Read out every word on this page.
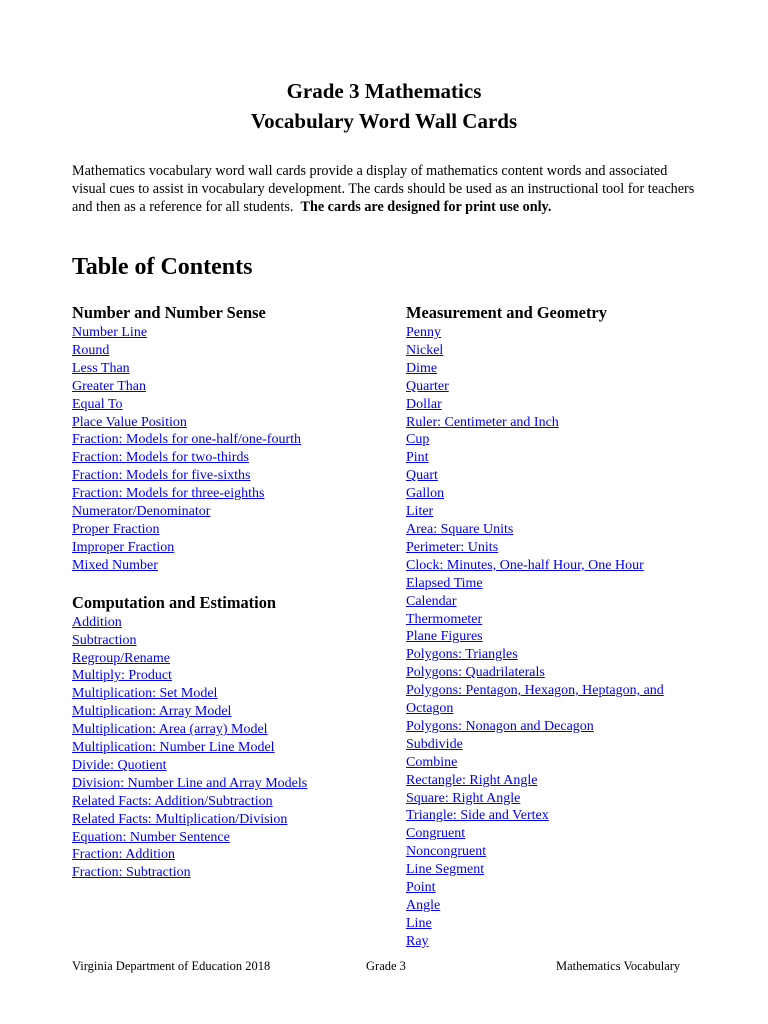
Grade 3 Mathematics
Vocabulary Word Wall Cards
Mathematics vocabulary word wall cards provide a display of mathematics content words and associated visual cues to assist in vocabulary development. The cards should be used as an instructional tool for teachers and then as a reference for all students. The cards are designed for print use only.
Table of Contents
Number and Number Sense
Number Line
Round
Less Than
Greater Than
Equal To
Place Value Position
Fraction: Models for one-half/one-fourth
Fraction: Models for two-thirds
Fraction: Models for five-sixths
Fraction: Models for three-eighths
Numerator/Denominator
Proper Fraction
Improper Fraction
Mixed Number
Computation and Estimation
Addition
Subtraction
Regroup/Rename
Multiply: Product
Multiplication: Set Model
Multiplication: Array Model
Multiplication: Area (array) Model
Multiplication: Number Line Model
Divide: Quotient
Division: Number Line and Array Models
Related Facts: Addition/Subtraction
Related Facts: Multiplication/Division
Equation: Number Sentence
Fraction: Addition
Fraction: Subtraction
Measurement and Geometry
Penny
Nickel
Dime
Quarter
Dollar
Ruler: Centimeter and Inch
Cup
Pint
Quart
Gallon
Liter
Area: Square Units
Perimeter: Units
Clock: Minutes, One-half Hour, One Hour
Elapsed Time
Calendar
Thermometer
Plane Figures
Polygons: Triangles
Polygons: Quadrilaterals
Polygons: Pentagon, Hexagon, Heptagon, and
Octagon
Polygons: Nonagon and Decagon
Subdivide
Combine
Rectangle: Right Angle
Square: Right Angle
Triangle: Side and Vertex
Congruent
Noncongruent
Line Segment
Point
Angle
Line
Ray
Virginia Department of Education 2018	Grade 3	Mathematics Vocabulary
